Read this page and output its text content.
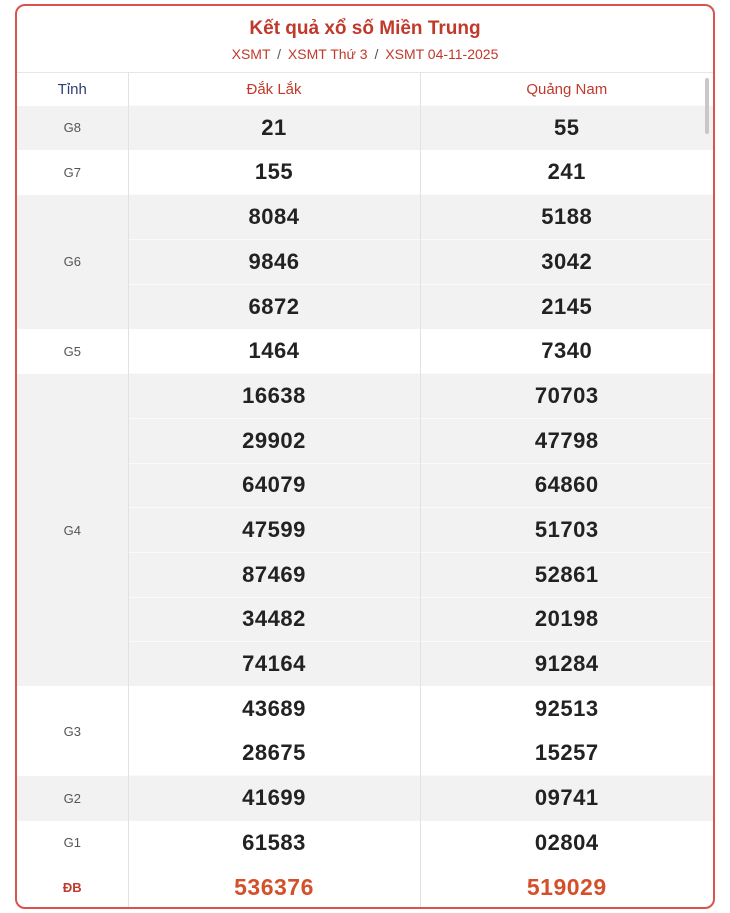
Kết quả xổ số Miền Trung
XSMT / XSMT Thứ 3 / XSMT 04-11-2025
Tỉnh	Đắk Lắk	Quảng Nam
G8	21	55
G7	155	241
G6	8084	5188
	9846	3042
	6872	2145
G5	1464	7340
G4	16638	70703
	29902	47798
	64079	64860
	47599	51703
	87469	52861
	34482	20198
	74164	91284
G3	43689	92513
	28675	15257
G2	41699	09741
G1	61583	02804
ĐB	536376	519029
